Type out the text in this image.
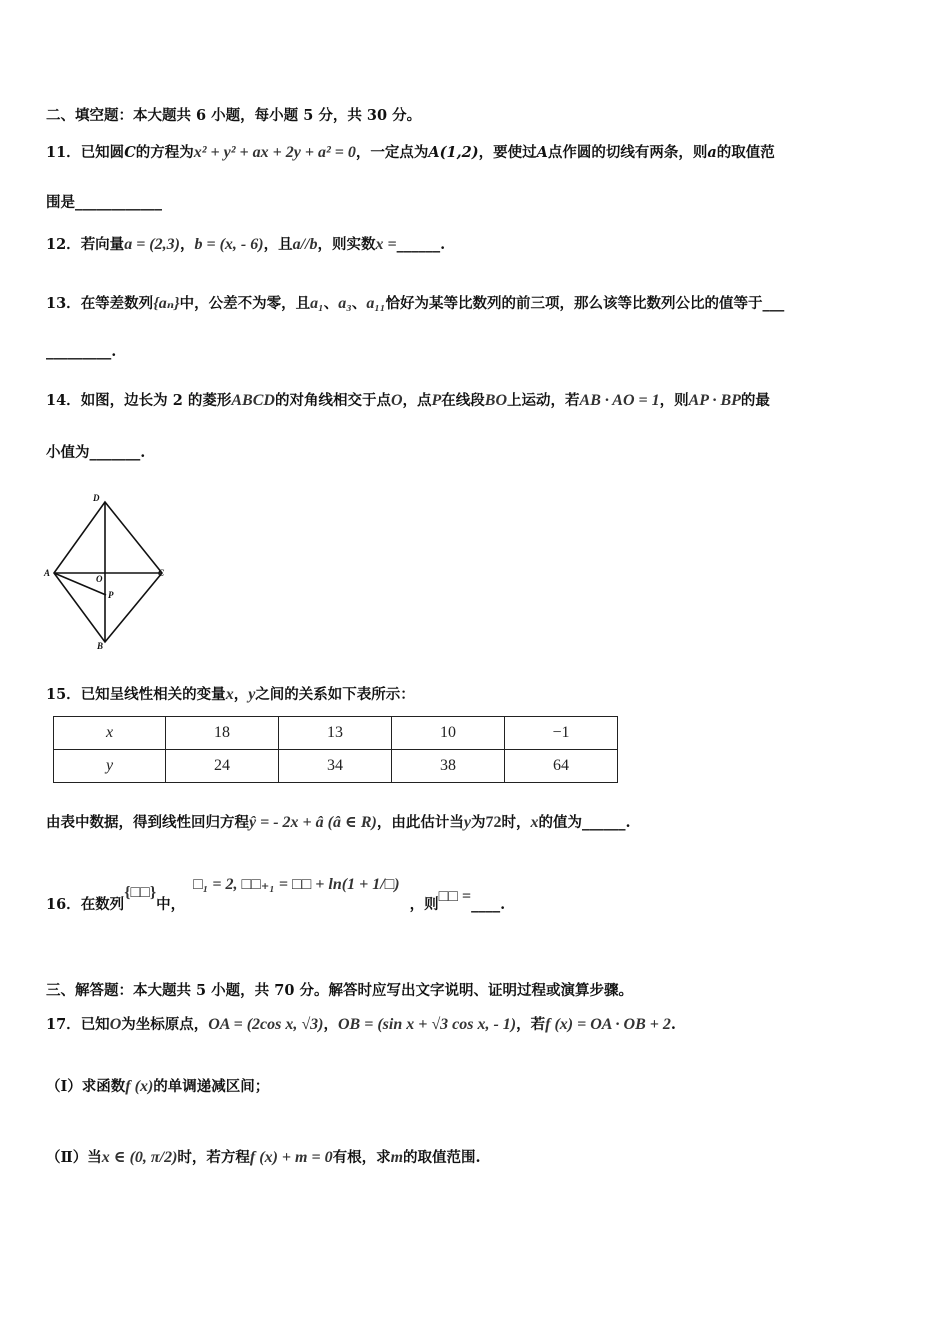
二、填空题：本大题共 6 小题，每小题 5 分，共 30 分。
11．已知圆C的方程为x² + y² + ax + 2y + a² = 0，一定点为A(1,2)，要使过A点作圆的切线有两条，则a的取值范
围是____________
12．若向量a = (2,3)，b = (x, - 6)，且a//b，则实数x =______.
13．在等差数列{aₙ}中，公差不为零，且a₁、a₃、a₁₁恰好为某等比数列的前三项，那么该等比数列公比的值等于___
_________.
14．如图，边长为 2 的菱形ABCD的对角线相交于点O，点P在线段BO上运动，若AB · AO = 1，则AP · BP的最
小值为_______.
D
A	C
O
P
B
15．已知呈线性相关的变量x，y之间的关系如下表所示：
x	18	13	10	−1
y	24	34	38	64
由表中数据，得到线性回归方程ŷ = - 2x + â (â ∈ R)，由此估计当y为72时，x的值为______.
16．在数列{□□}中，□₁ = 2, □□₊₁ = □□ + ln(1 + 1/□)，则□□ =____.
三、解答题：本大题共 5 小题，共 70 分。解答时应写出文字说明、证明过程或演算步骤。
17．已知O为坐标原点，OA = (2cos x, √3)，OB = (sin x + √3 cos x, - 1)，若f (x) = OA · OB + 2.
（Ⅰ）求函数f (x)的单调递减区间；
（Ⅱ）当x ∈ (0, π/2)时，若方程f (x) + m = 0有根，求m的取值范围.
